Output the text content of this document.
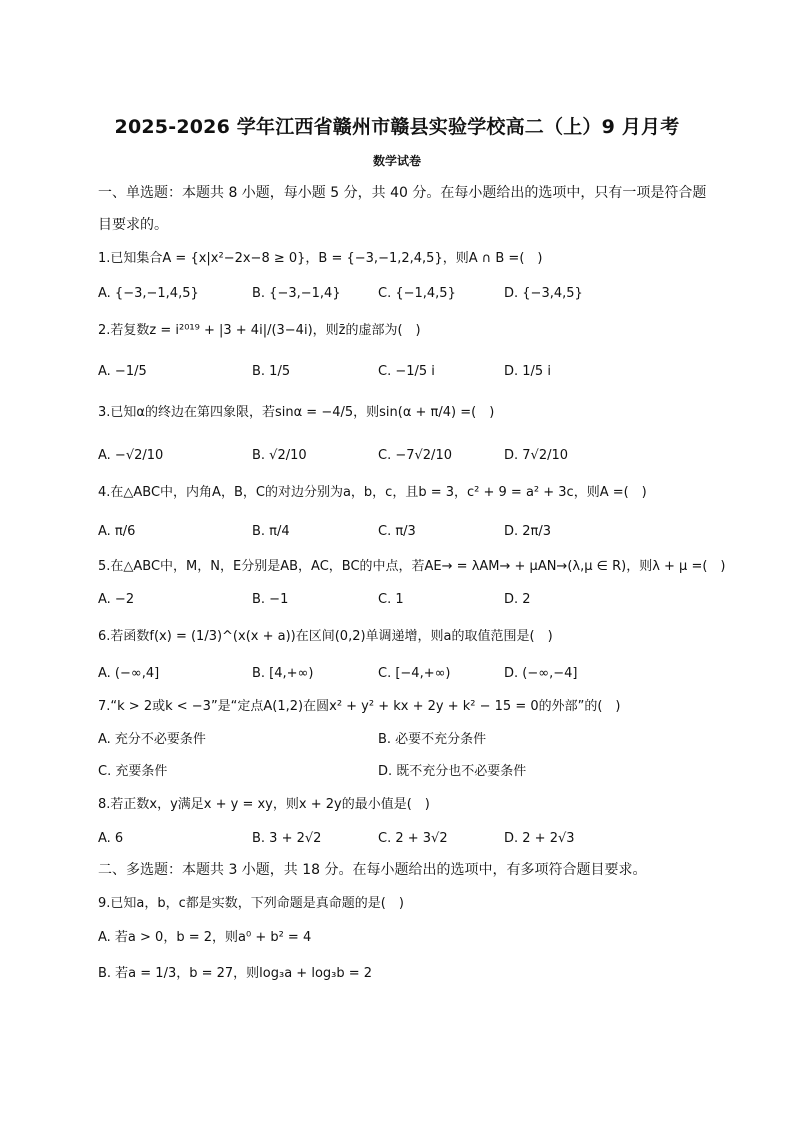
2025-2026 学年江西省赣州市赣县实验学校高二（上）9 月月考
数学试卷
一、单选题：本题共 8 小题，每小题 5 分，共 40 分。在每小题给出的选项中，只有一项是符合题
目要求的。
1.已知集合A = {x|x²−2x−8 ≥ 0}，B = {−3,−1,2,4,5}，则A ∩ B =(　)
A. {−3,−1,4,5}	B. {−3,−1,4}	C. {−1,4,5}	D. {−3,4,5}
2.若复数z = i²⁰¹⁹ + |3 + 4i|/(3−4i)，则z̄的虚部为(　)
A. −1/5	B. 1/5	C. −1/5 i	D. 1/5 i
3.已知α的终边在第四象限，若sinα = −4/5，则sin(α + π/4) =(　)
A. −√2/10	B. √2/10	C. −7√2/10	D. 7√2/10
4.在△ABC中，内角A，B，C的对边分别为a，b，c，且b = 3，c² + 9 = a² + 3c，则A =(　)
A. π/6	B. π/4	C. π/3	D. 2π/3
5.在△ABC中，M，N，E分别是AB，AC，BC的中点，若AE→ = λAM→ + μAN→(λ,μ ∈ R)，则λ + μ =(　)
A. −2	B. −1	C. 1	D. 2
6.若函数f(x) = (1/3)^(x(x + a))在区间(0,2)单调递增，则a的取值范围是(　)
A. (−∞,4]	B. [4,+∞)	C. [−4,+∞)	D. (−∞,−4]
7.“k > 2或k < −3”是“定点A(1,2)在圆x² + y² + kx + 2y + k² − 15 = 0的外部”的(　)
A. 充分不必要条件	B. 必要不充分条件
C. 充要条件	D. 既不充分也不必要条件
8.若正数x，y满足x + y = xy，则x + 2y的最小值是(　)
A. 6	B. 3 + 2√2	C. 2 + 3√2	D. 2 + 2√3
二、多选题：本题共 3 小题，共 18 分。在每小题给出的选项中，有多项符合题目要求。
9.已知a，b，c都是实数，下列命题是真命题的是(　)
A. 若a > 0，b = 2，则a⁰ + b² = 4
B. 若a = 1/3，b = 27，则log₃a + log₃b = 2
